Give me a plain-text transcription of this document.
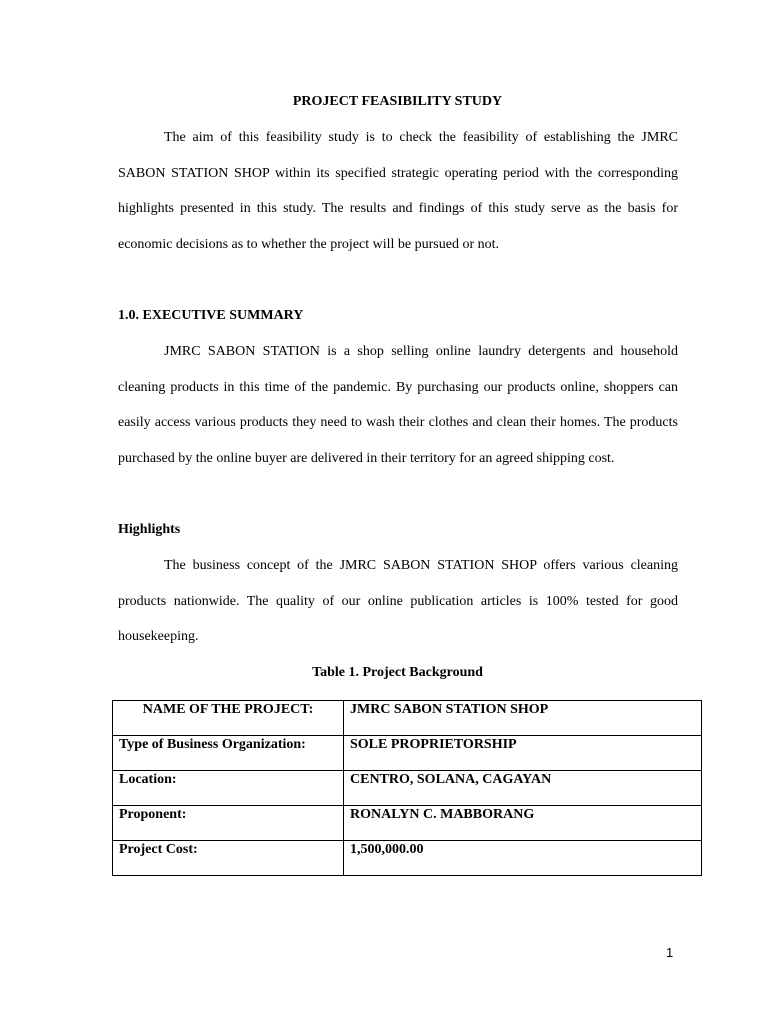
PROJECT FEASIBILITY STUDY

The aim of this feasibility study is to check the feasibility of establishing the JMRC SABON STATION SHOP within its specified strategic operating period with the corresponding highlights presented in this study. The results and findings of this study serve as the basis for economic decisions as to whether the project will be pursued or not.

1.0. EXECUTIVE SUMMARY

JMRC SABON STATION is a shop selling online laundry detergents and household cleaning products in this time of the pandemic. By purchasing our products online, shoppers can easily access various products they need to wash their clothes and clean their homes. The products purchased by the online buyer are delivered in their territory for an agreed shipping cost.

Highlights

The business concept of the JMRC SABON STATION SHOP offers various cleaning products nationwide. The quality of our online publication articles is 100% tested for good housekeeping.

Table 1. Project Background
NAME OF THE PROJECT:	JMRC SABON STATION SHOP
Type of Business Organization:	SOLE PROPRIETORSHIP
Location:	CENTRO, SOLANA, CAGAYAN
Proponent:	RONALYN C. MABBORANG
Project Cost:	1,500,000.00
1
